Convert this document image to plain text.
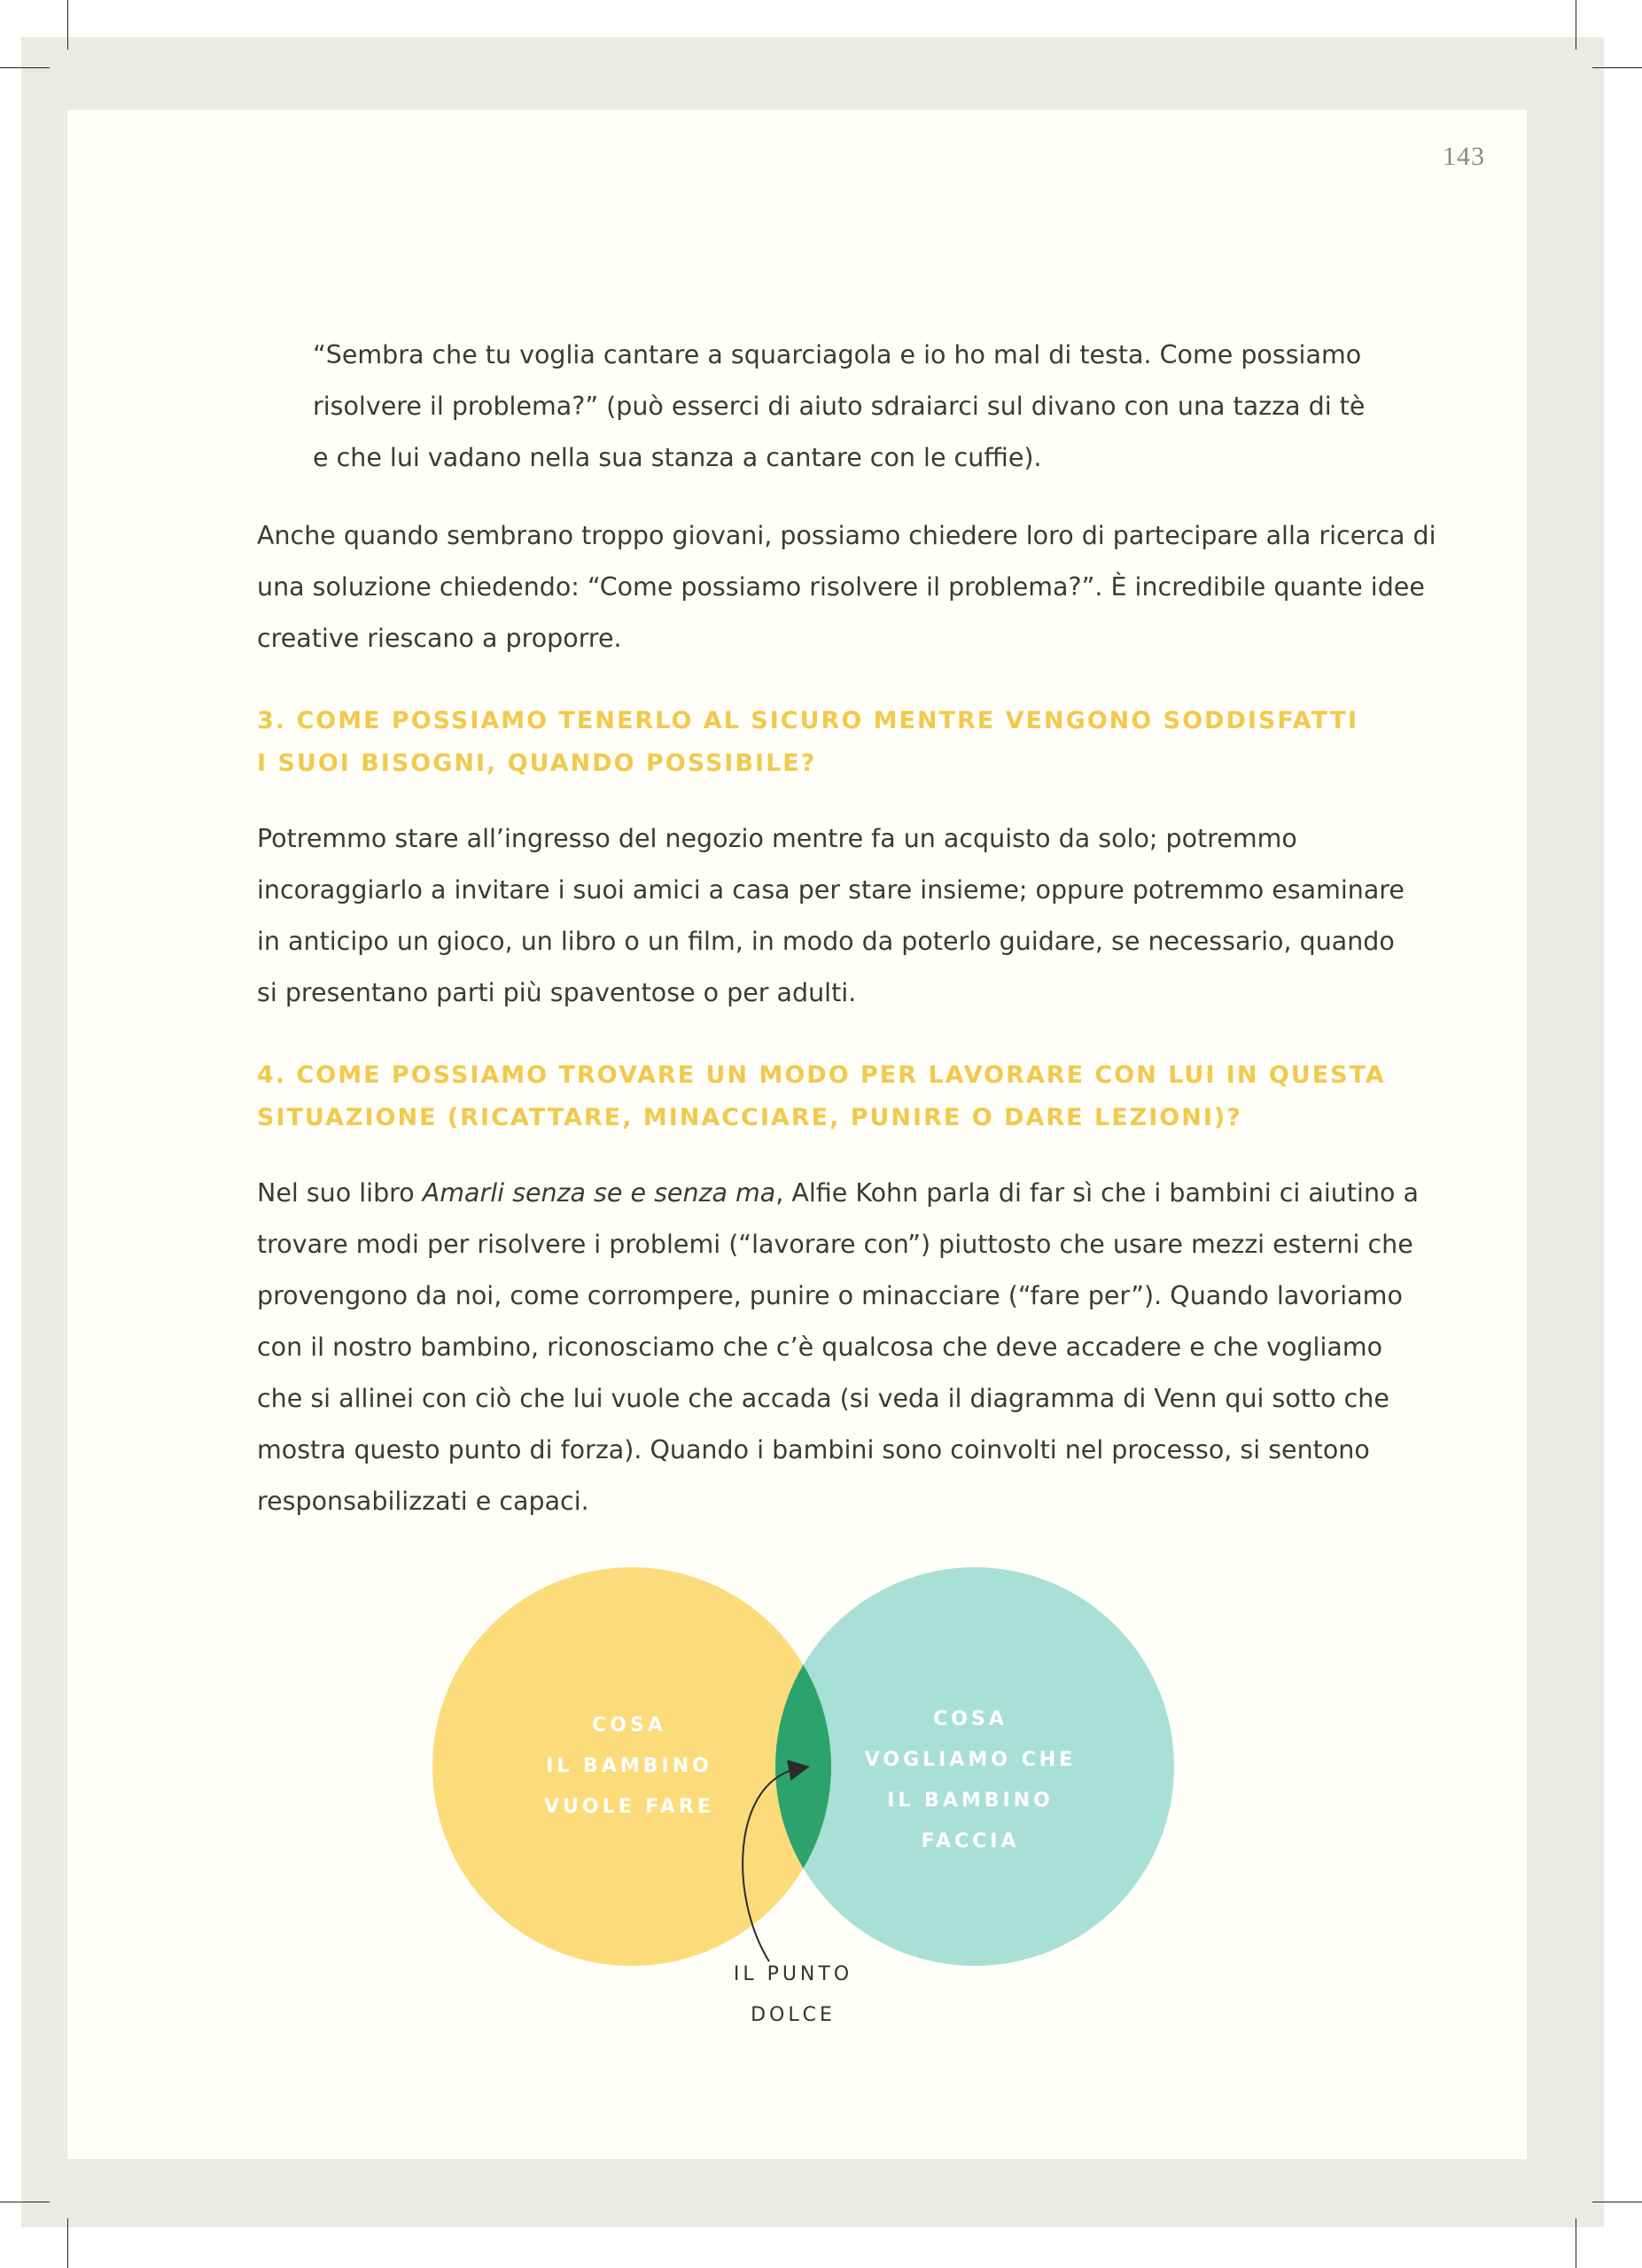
143
“Sembra che tu voglia cantare a squarciagola e io ho mal di testa. Come possiamo
risolvere il problema?” (può esserci di aiuto sdraiarci sul divano con una tazza di tè
e che lui vadano nella sua stanza a cantare con le cuffie).
Anche quando sembrano troppo giovani, possiamo chiedere loro di partecipare alla ricerca di
una soluzione chiedendo: “Come possiamo risolvere il problema?”. È incredibile quante idee
creative riescano a proporre.
3. COME POSSIAMO TENERLO AL SICURO MENTRE VENGONO SODDISFATTI
I SUOI BISOGNI, QUANDO POSSIBILE?
Potremmo stare all’ingresso del negozio mentre fa un acquisto da solo; potremmo
incoraggiarlo a invitare i suoi amici a casa per stare insieme; oppure potremmo esaminare
in anticipo un gioco, un libro o un film, in modo da poterlo guidare, se necessario, quando
si presentano parti più spaventose o per adulti.
4. COME POSSIAMO TROVARE UN MODO PER LAVORARE CON LUI IN QUESTA
SITUAZIONE (RICATTARE, MINACCIARE, PUNIRE O DARE LEZIONI)?
Nel suo libro Amarli senza se e senza ma, Alfie Kohn parla di far sì che i bambini ci aiutino a
trovare modi per risolvere i problemi (“lavorare con”) piuttosto che usare mezzi esterni che
provengono da noi, come corrompere, punire o minacciare (“fare per”). Quando lavoriamo
con il nostro bambino, riconosciamo che c’è qualcosa che deve accadere e che vogliamo
che si allinei con ciò che lui vuole che accada (si veda il diagramma di Venn qui sotto che
mostra questo punto di forza). Quando i bambini sono coinvolti nel processo, si sentono
responsabilizzati e capaci.
COSA
IL BAMBINO
VUOLE FARE
COSA
VOGLIAMO CHE
IL BAMBINO
FACCIA
IL PUNTO
DOLCE
